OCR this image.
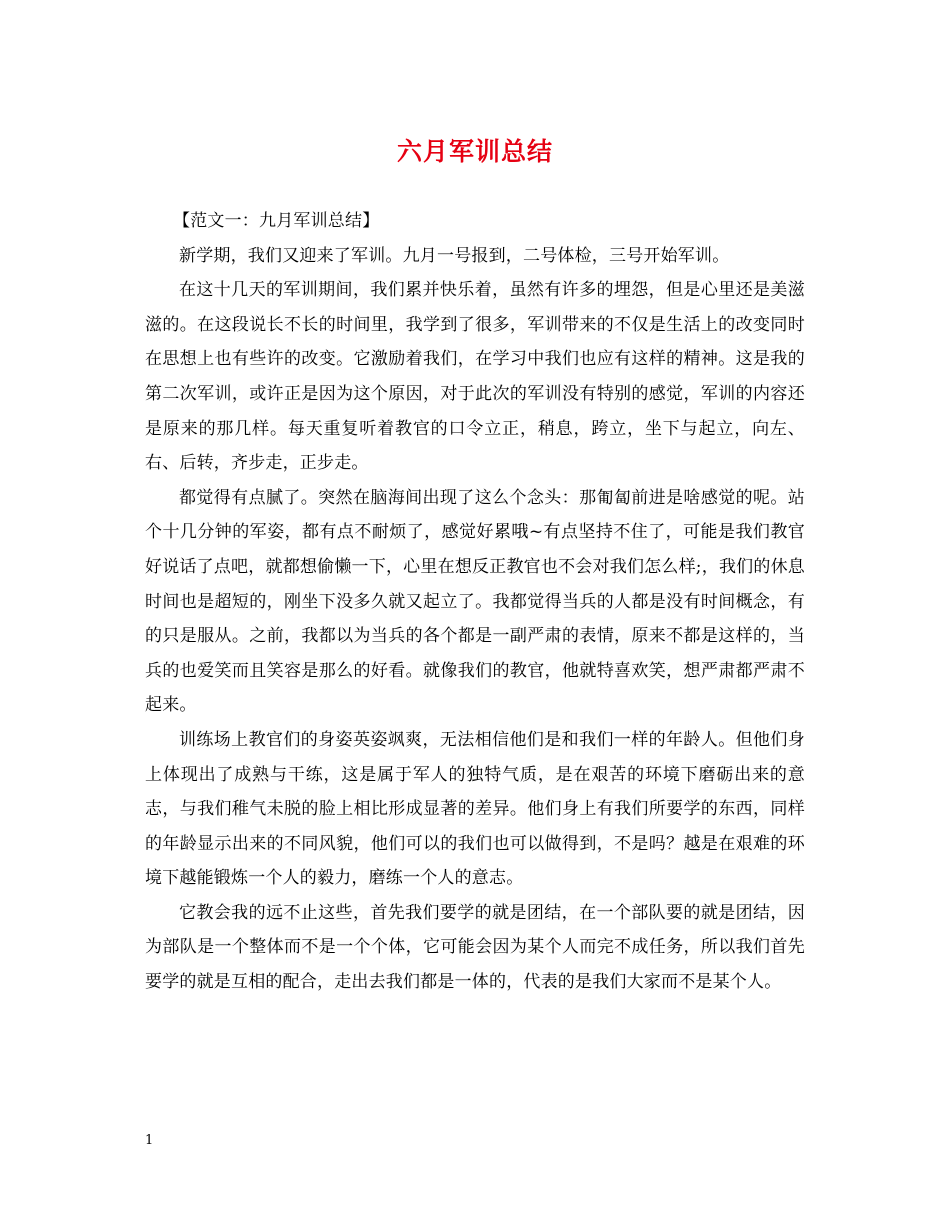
六月军训总结

【范文一：九月军训总结】

新学期，我们又迎来了军训。九月一号报到，二号体检，三号开始军训。

在这十几天的军训期间，我们累并快乐着，虽然有许多的埋怨，但是心里还是美滋滋的。在这段说长不长的时间里，我学到了很多，军训带来的不仅是生活上的改变同时在思想上也有些许的改变。它激励着我们，在学习中我们也应有这样的精神。这是我的第二次军训，或许正是因为这个原因，对于此次的军训没有特别的感觉，军训的内容还是原来的那几样。每天重复听着教官的口令立正，稍息，跨立，坐下与起立，向左、右、后转，齐步走，正步走。

都觉得有点腻了。突然在脑海间出现了这么个念头：那匍匐前进是啥感觉的呢。站个十几分钟的军姿，都有点不耐烦了，感觉好累哦~有点坚持不住了，可能是我们教官好说话了点吧，就都想偷懒一下，心里在想反正教官也不会对我们怎么样;，我们的休息时间也是超短的，刚坐下没多久就又起立了。我都觉得当兵的人都是没有时间概念，有的只是服从。之前，我都以为当兵的各个都是一副严肃的表情，原来不都是这样的，当兵的也爱笑而且笑容是那么的好看。就像我们的教官，他就特喜欢笑，想严肃都严肃不起来。

训练场上教官们的身姿英姿飒爽，无法相信他们是和我们一样的年龄人。但他们身上体现出了成熟与干练，这是属于军人的独特气质，是在艰苦的环境下磨砺出来的意志，与我们稚气未脱的脸上相比形成显著的差异。他们身上有我们所要学的东西，同样的年龄显示出来的不同风貌，他们可以的我们也可以做得到，不是吗？越是在艰难的环境下越能锻炼一个人的毅力，磨练一个人的意志。

它教会我的远不止这些，首先我们要学的就是团结，在一个部队要的就是团结，因为部队是一个整体而不是一个个体，它可能会因为某个人而完不成任务，所以我们首先要学的就是互相的配合，走出去我们都是一体的，代表的是我们大家而不是某个人。

1
